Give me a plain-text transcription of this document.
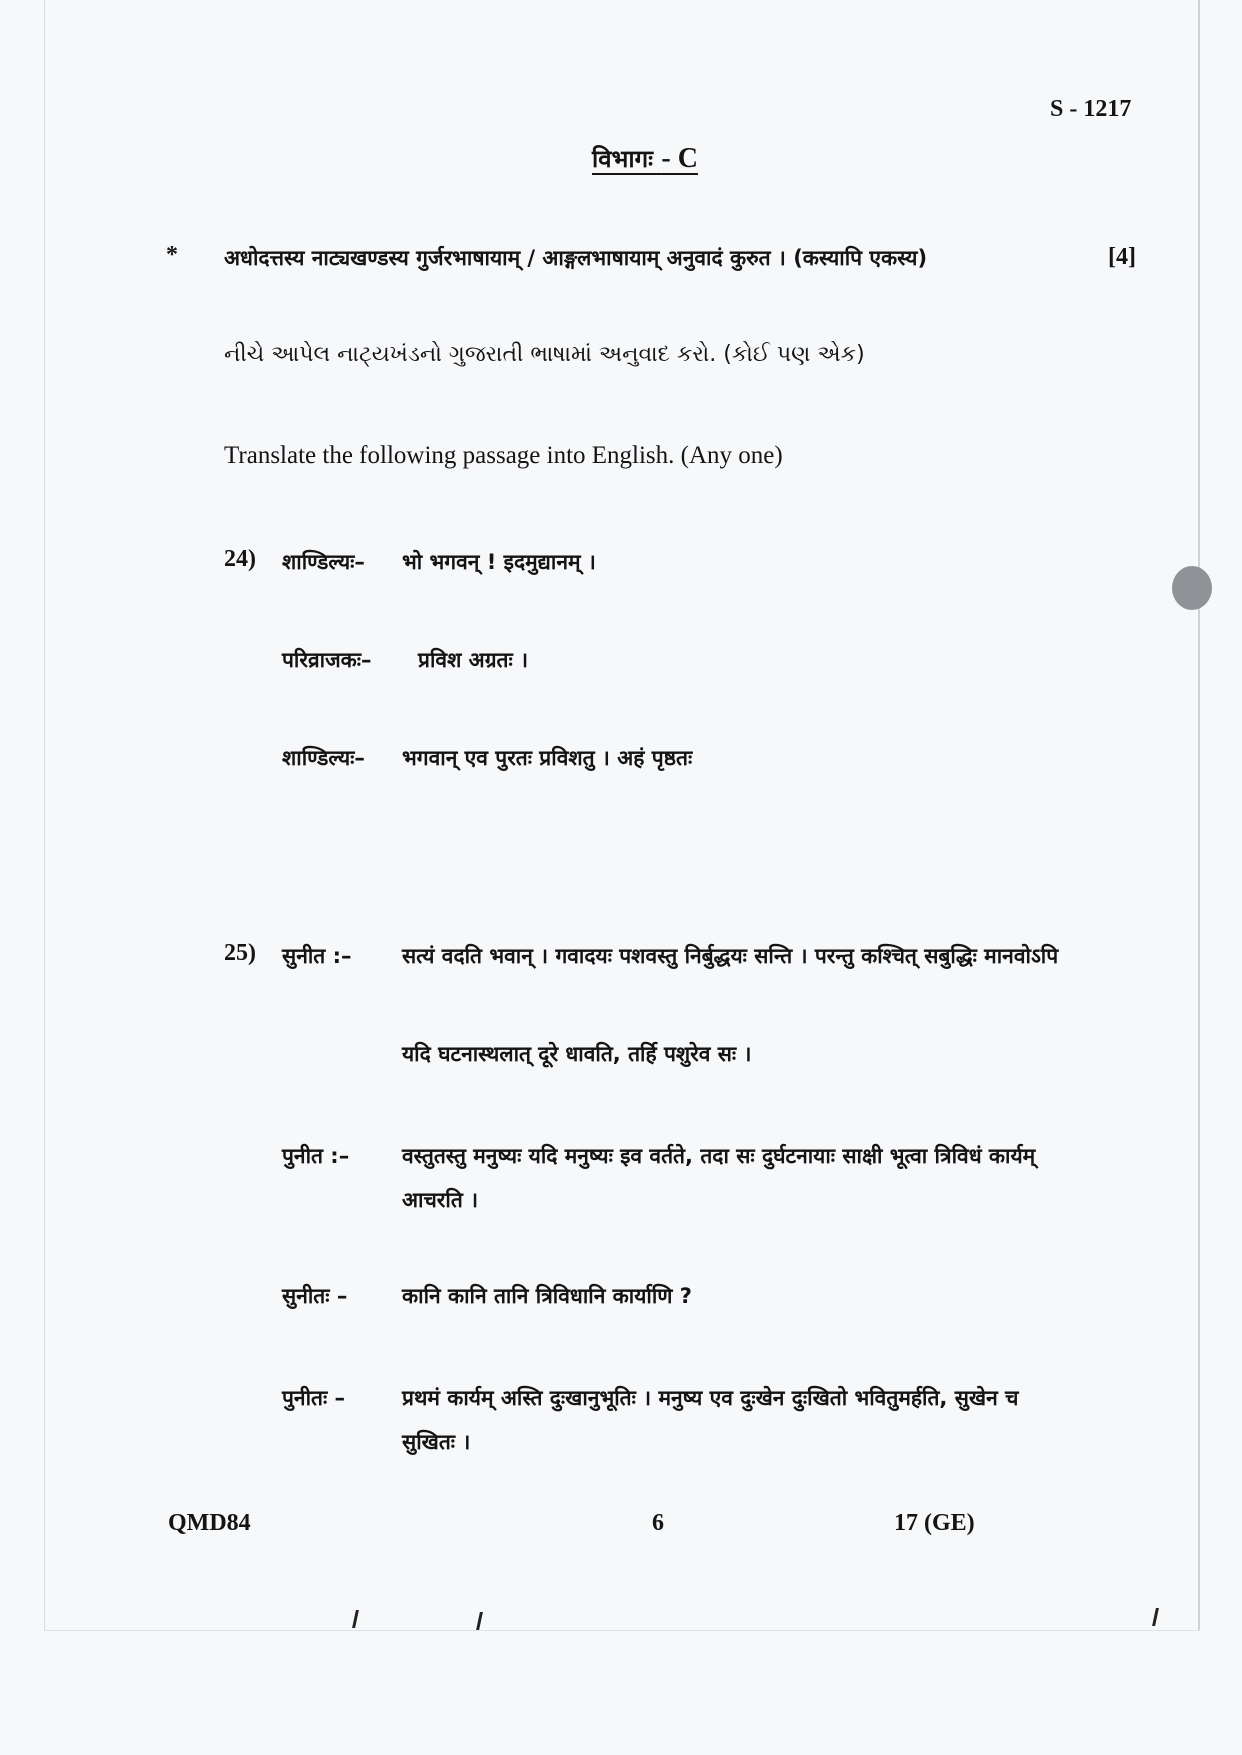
S - 1217
विभागः - C
* अधोदत्तस्य नाट्यखण्डस्य गुर्जरभाषायाम् / आङ्गलभाषायाम् अनुवादं कुरुत । (कस्यापि एकस्य)	[4]
નીચે આપેલ નાટ્યખંડનો ગુજરાતી ભાષામાં અનુવાદ કરો. (કોઈ પણ એક)
Translate the following passage into English. (Any one)
24) शाण्डिल्यः– भो भगवन् ! इदमुद्यानम् ।
परिव्राजकः– प्रविश अग्रतः ।
शाण्डिल्यः– भगवान् एव पुरतः प्रविशतु । अहं पृष्ठतः
25) सुनीत :– सत्यं वदति भवान् । गवादयः पशवस्तु निर्बुद्धयः सन्ति । परन्तु कश्चित् सबुद्धिः मानवोऽपि
यदि घटनास्थलात् दूरे धावति, तर्हि पशुरेव सः ।
पुनीत :–	वस्तुतस्तु मनुष्यः यदि मनुष्यः इव वर्तते, तदा सः दुर्घटनायाः साक्षी भूत्वा त्रिविधं कार्यम्
आचरति ।
सुनीतः –	कानि कानि तानि त्रिविधानि कार्याणि ?
पुनीतः –	प्रथमं कार्यम् अस्ति दुःखानुभूतिः । मनुष्य एव दुःखेन दुःखितो भवितुमर्हति, सुखेन च
सुखितः ।
QMD84	6	17 (GE)
